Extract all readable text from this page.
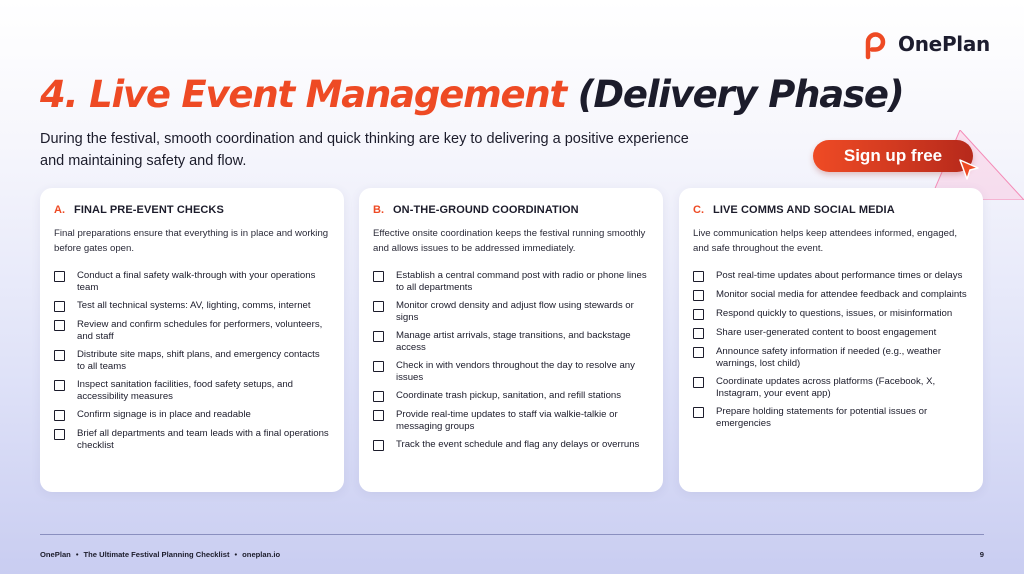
OnePlan
4. Live Event Management (Delivery Phase)

During the festival, smooth coordination and quick thinking are key to delivering a positive experience and maintaining safety and flow.	Sign up free
A. FINAL PRE-EVENT CHECKS

Final preparations ensure that everything is in place and working before gates open.

Conduct a final safety walk-through with your operations team
Test all technical systems: AV, lighting, comms, internet
Review and confirm schedules for performers, volunteers, and staff
Distribute site maps, shift plans, and emergency contacts to all teams
Inspect sanitation facilities, food safety setups, and accessibility measures
Confirm signage is in place and readable
Brief all departments and team leads with a final operations checklist
B. ON-THE-GROUND COORDINATION

Effective onsite coordination keeps the festival running smoothly and allows issues to be addressed immediately.

Establish a central command post with radio or phone lines to all departments
Monitor crowd density and adjust flow using stewards or signs
Manage artist arrivals, stage transitions, and backstage access
Check in with vendors throughout the day to resolve any issues
Coordinate trash pickup, sanitation, and refill stations
Provide real-time updates to staff via walkie-talkie or messaging groups
Track the event schedule and flag any delays or overruns
C. LIVE COMMS AND SOCIAL MEDIA

Live communication helps keep attendees informed, engaged, and safe throughout the event.

Post real-time updates about performance times or delays
Monitor social media for attendee feedback and complaints
Respond quickly to questions, issues, or misinformation
Share user-generated content to boost engagement
Announce safety information if needed (e.g., weather warnings, lost child)
Coordinate updates across platforms (Facebook, X, Instagram, your event app)
Prepare holding statements for potential issues or emergencies
OnePlan • The Ultimate Festival Planning Checklist • oneplan.io	9
